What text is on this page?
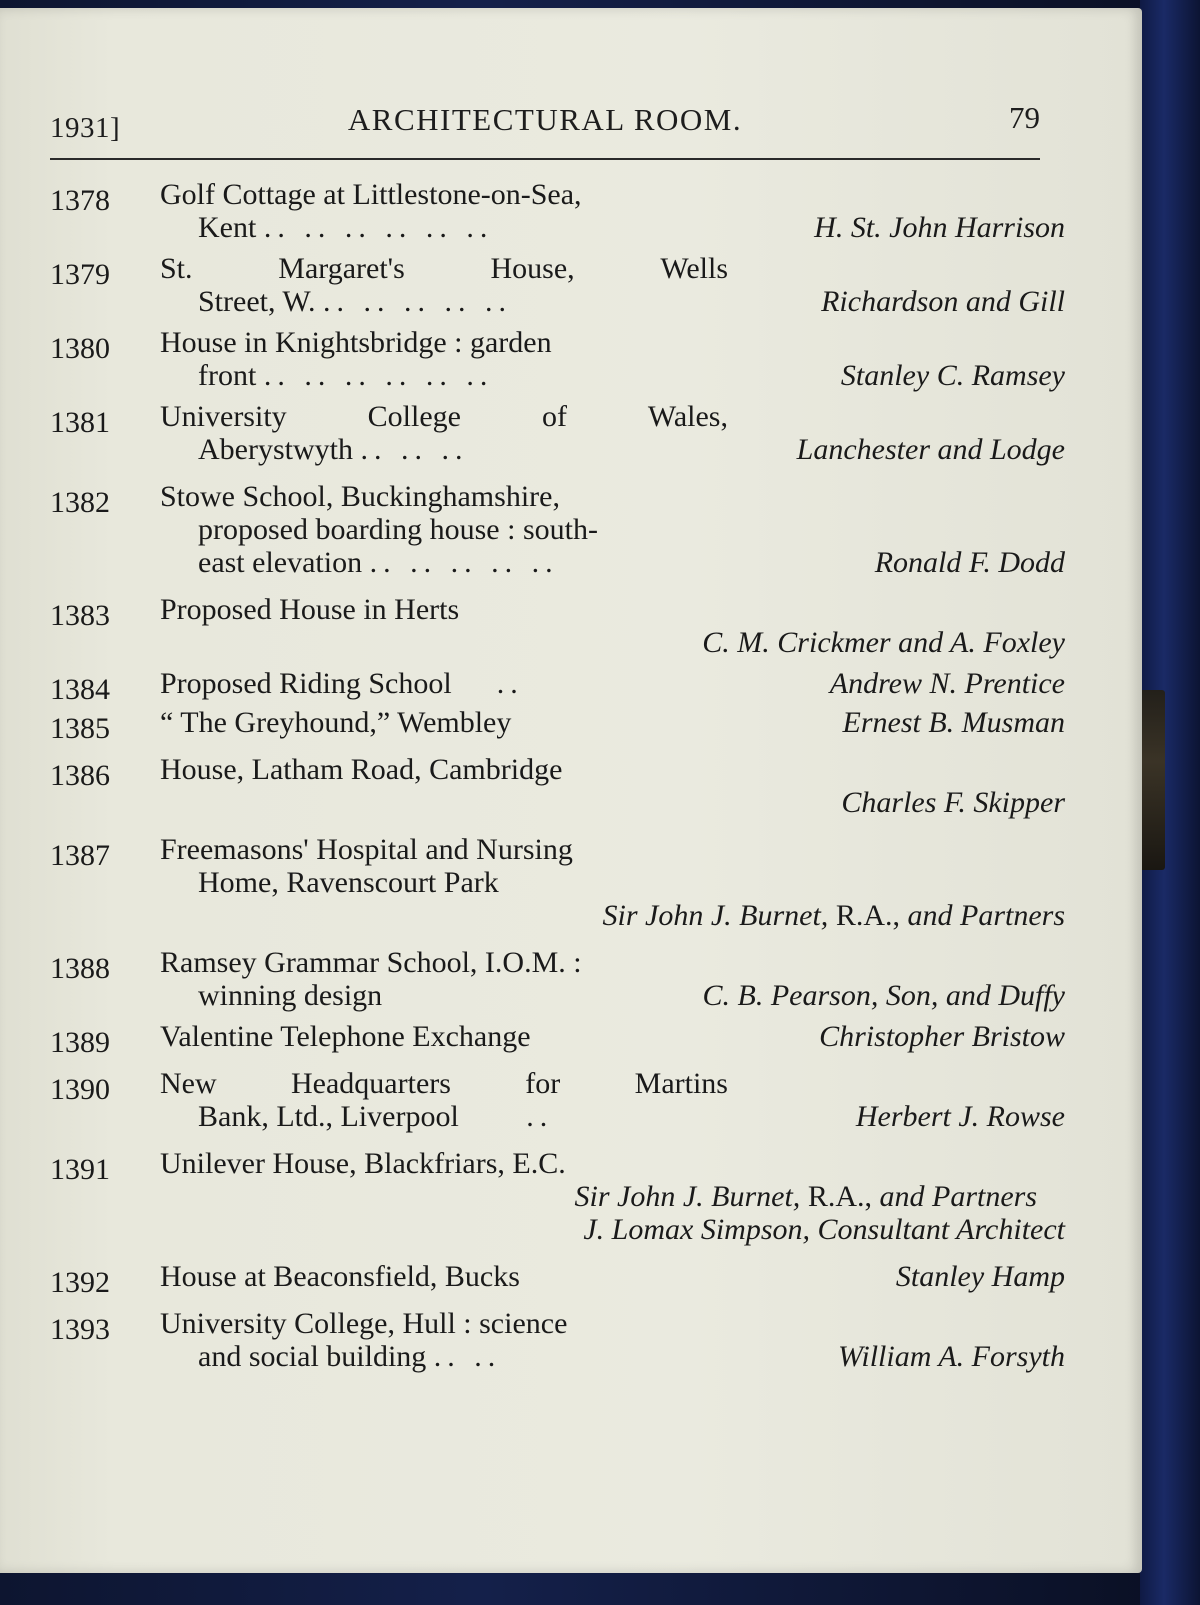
1931]	ARCHITECTURAL ROOM.	79
1378	Golf Cottage at Littlestone-on-Sea,
Kent .. .. .. .. .. ..	H. St. John Harrison
1379	St.	Margaret's	House,	Wells
Street, W. .. .. .. .. ..	Richardson and Gill
1380	House in Knightsbridge : garden
front .. .. .. .. .. ..	Stanley C. Ramsey
1381	University	College	of	Wales,
Aberystwyth .. .. ..	Lanchester and Lodge
1382	Stowe School, Buckinghamshire,
proposed boarding house : south-
east elevation .. .. .. .. ..	Ronald F. Dodd
1383	Proposed House in Herts
C. M. Crickmer and A. Foxley
1384	Proposed Riding School ..	Andrew N. Prentice
1385	“ The Greyhound,” Wembley	Ernest B. Musman
1386	House, Latham Road, Cambridge
Charles F. Skipper
1387	Freemasons' Hospital and Nursing
Home, Ravenscourt Park
Sir John J. Burnet, R.A., and Partners
1388	Ramsey Grammar School, I.O.M. :
winning design	C. B. Pearson, Son, and Duffy
1389	Valentine Telephone Exchange	Christopher Bristow
1390	New Headquarters for Martins
Bank, Ltd., Liverpool ..	Herbert J. Rowse
1391	Unilever House, Blackfriars, E.C.
Sir John J. Burnet, R.A., and Partners
J. Lomax Simpson, Consultant Architect
1392	House at Beaconsfield, Bucks	Stanley Hamp
1393	University College, Hull : science
and social building .. ..	William A. Forsyth
